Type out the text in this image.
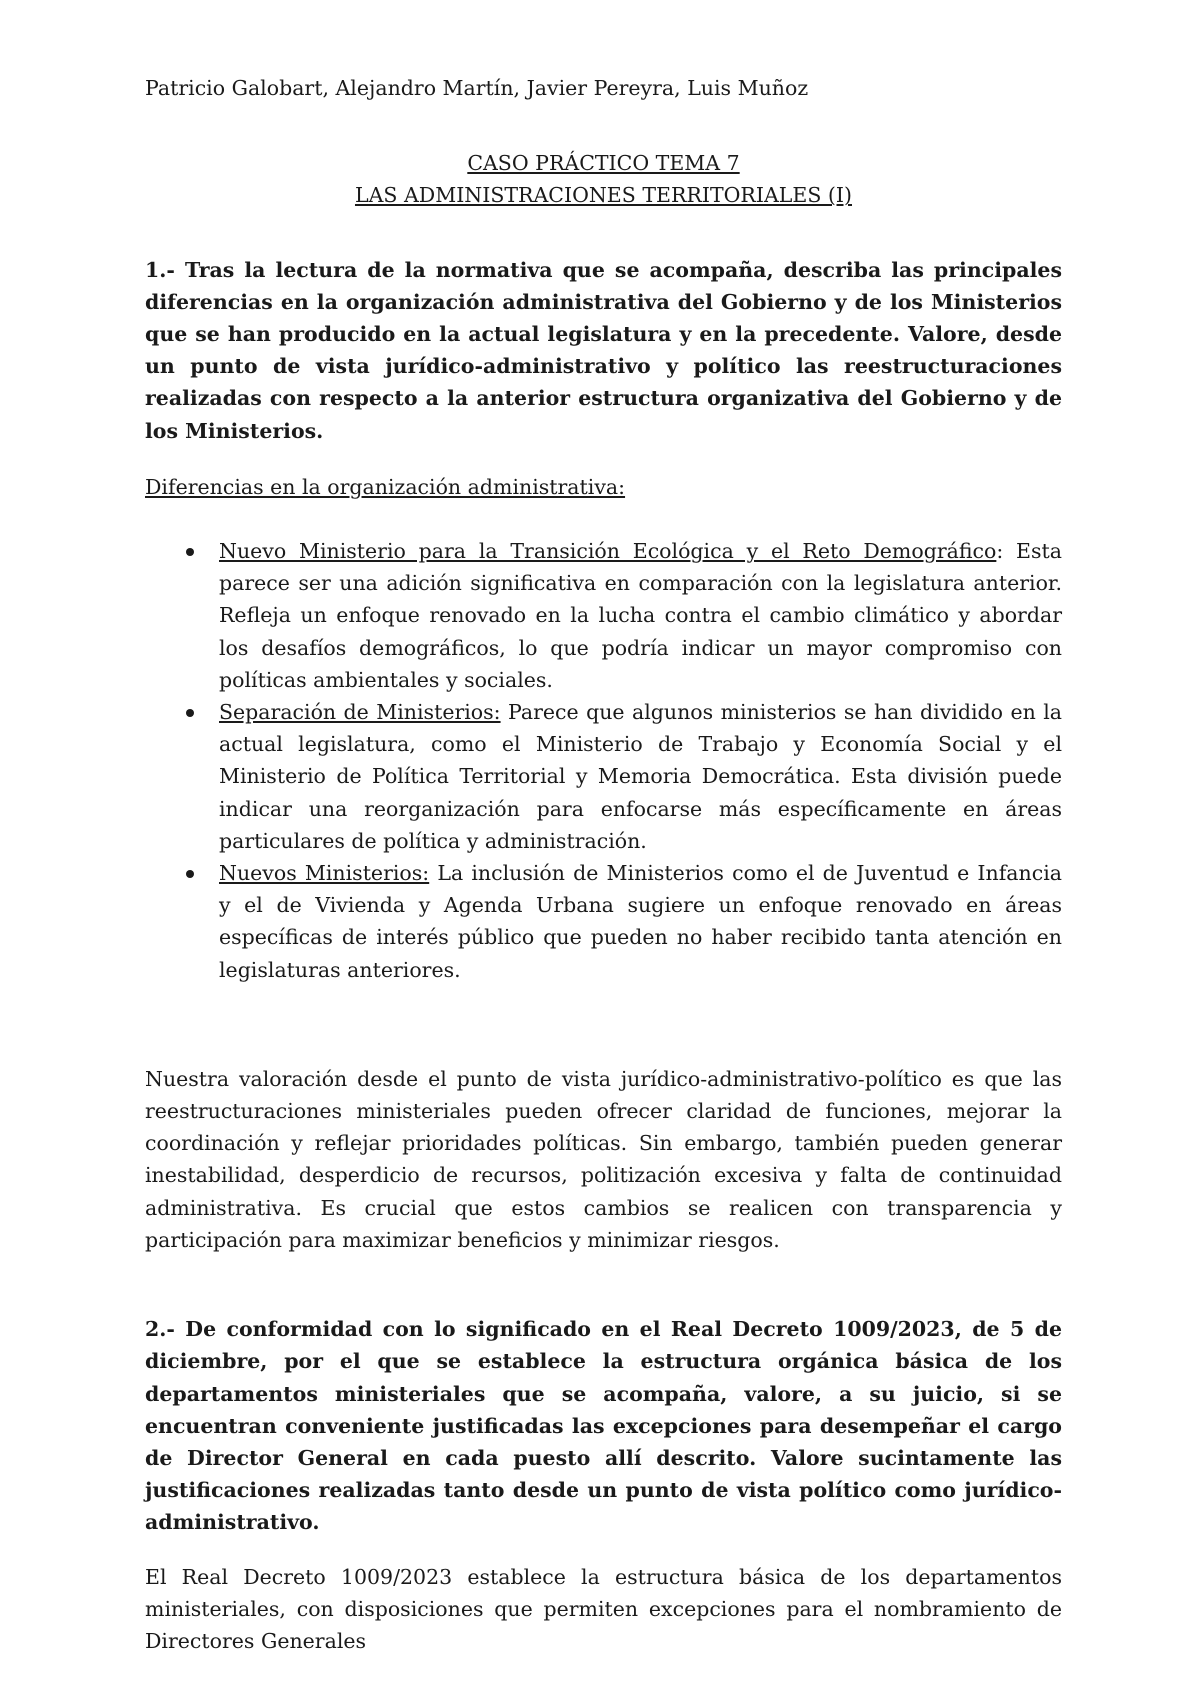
Patricio Galobart, Alejandro Martín, Javier Pereyra, Luis Muñoz

CASO PRÁCTICO TEMA 7
LAS ADMINISTRACIONES TERRITORIALES (I)

1.- Tras la lectura de la normativa que se acompaña, describa las principales diferencias en la organización administrativa del Gobierno y de los Ministerios que se han producido en la actual legislatura y en la precedente. Valore, desde un punto de vista jurídico-administrativo y político las reestructuraciones realizadas con respecto a la anterior estructura organizativa del Gobierno y de los Ministerios.

Diferencias en la organización administrativa:
Nuevo Ministerio para la Transición Ecológica y el Reto Demográfico: Esta parece ser una adición significativa en comparación con la legislatura anterior. Refleja un enfoque renovado en la lucha contra el cambio climático y abordar los desafíos demográficos, lo que podría indicar un mayor compromiso con políticas ambientales y sociales.
Separación de Ministerios: Parece que algunos ministerios se han dividido en la actual legislatura, como el Ministerio de Trabajo y Economía Social y el Ministerio de Política Territorial y Memoria Democrática. Esta división puede indicar una reorganización para enfocarse más específicamente en áreas particulares de política y administración.
Nuevos Ministerios: La inclusión de Ministerios como el de Juventud e Infancia y el de Vivienda y Agenda Urbana sugiere un enfoque renovado en áreas específicas de interés público que pueden no haber recibido tanta atención en legislaturas anteriores.

Nuestra valoración desde el punto de vista jurídico-administrativo-político es que las reestructuraciones ministeriales pueden ofrecer claridad de funciones, mejorar la coordinación y reflejar prioridades políticas. Sin embargo, también pueden generar inestabilidad, desperdicio de recursos, politización excesiva y falta de continuidad administrativa. Es crucial que estos cambios se realicen con transparencia y participación para maximizar beneficios y minimizar riesgos.

2.- De conformidad con lo significado en el Real Decreto 1009/2023, de 5 de diciembre, por el que se establece la estructura orgánica básica de los departamentos ministeriales que se acompaña, valore, a su juicio, si se encuentran conveniente justificadas las excepciones para desempeñar el cargo de Director General en cada puesto allí descrito. Valore sucintamente las justificaciones realizadas tanto desde un punto de vista político como jurídico-administrativo.

El Real Decreto 1009/2023 establece la estructura básica de los departamentos ministeriales, con disposiciones que permiten excepciones para el nombramiento de Directores Generales
